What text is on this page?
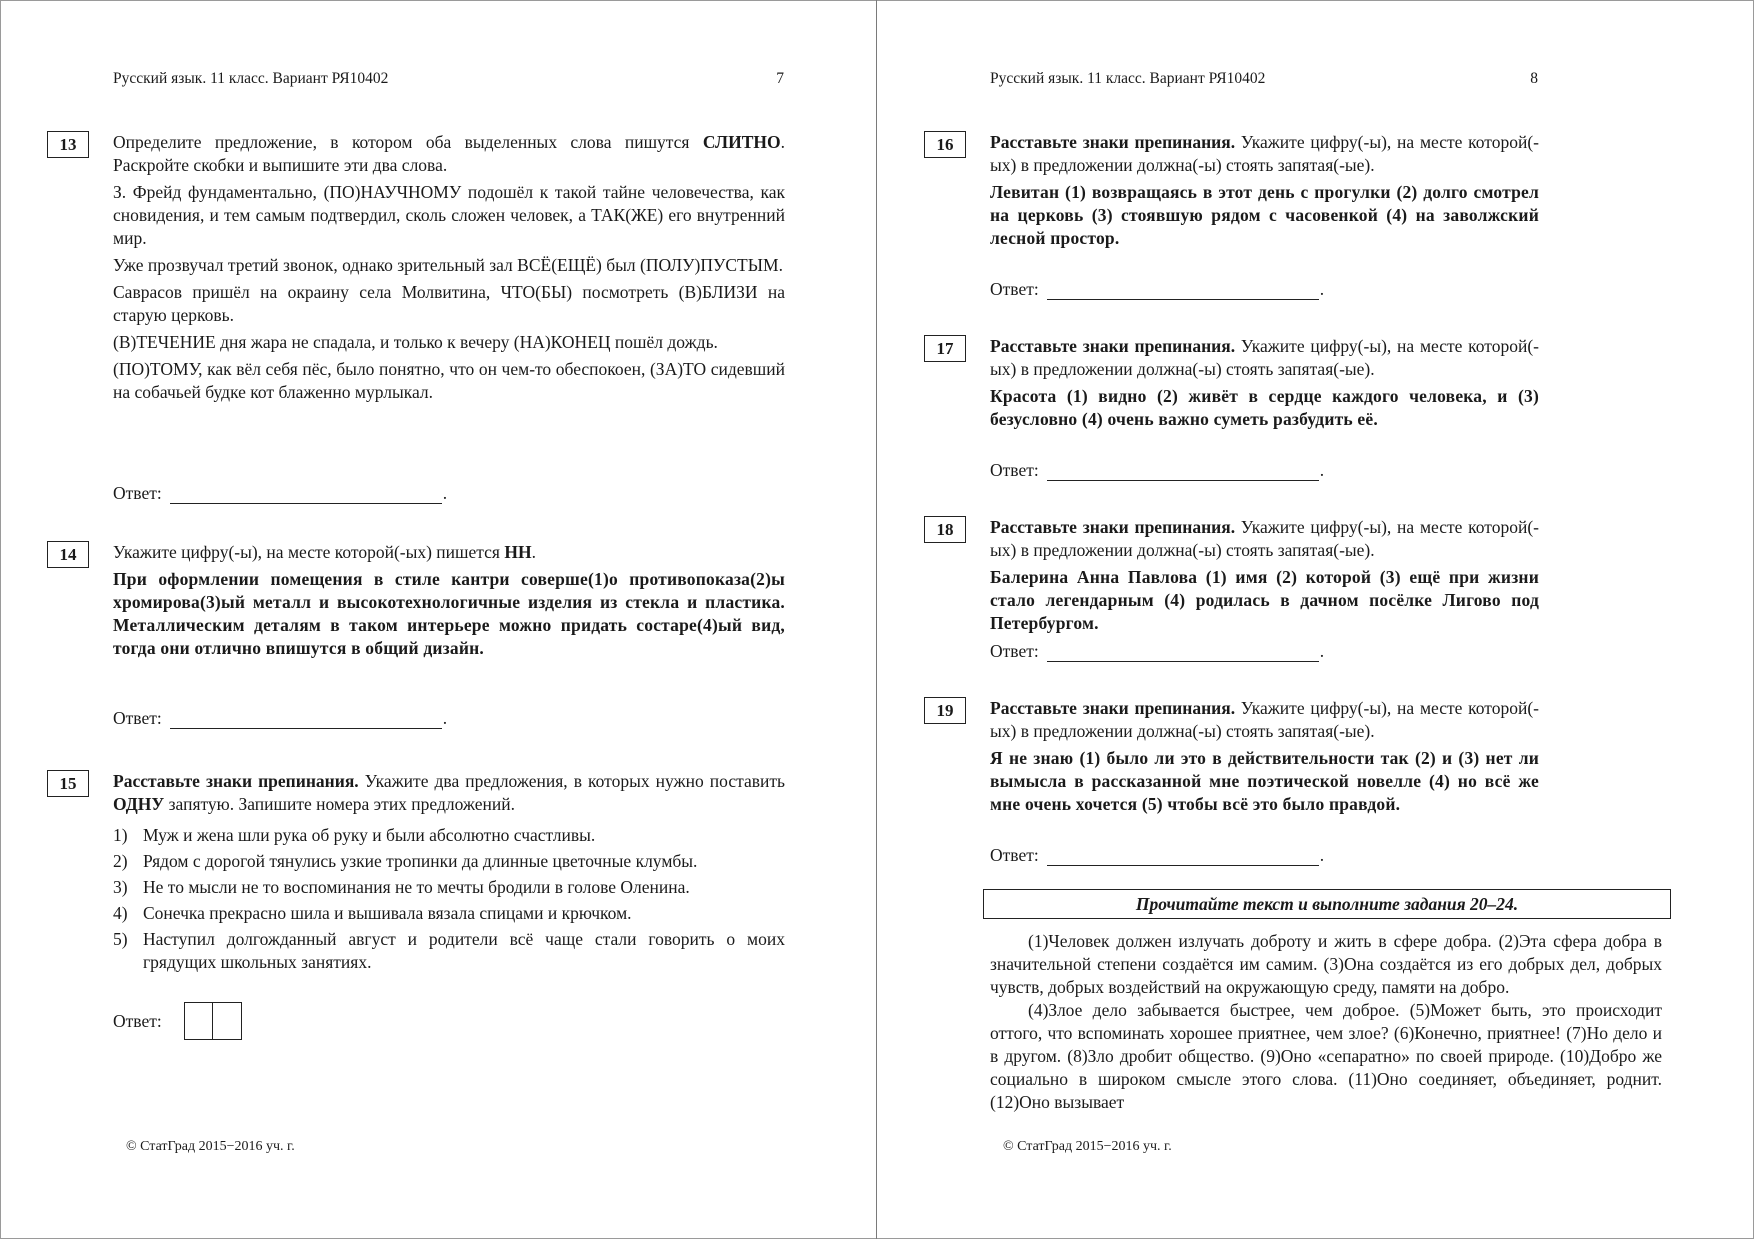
Русский язык. 11 класс. Вариант РЯ10402	7
13	Определите предложение, в котором оба выделенных слова пишутся СЛИТНО. Раскройте скобки и выпишите эти два слова.

З. Фрейд фундаментально, (ПО)НАУЧНОМУ подошёл к такой тайне человечества, как сновидения, и тем самым подтвердил, сколь сложен человек, а ТАК(ЖЕ) его внутренний мир.

Уже прозвучал третий звонок, однако зрительный зал ВСЁ(ЕЩЁ) был (ПОЛУ)ПУСТЫМ.

Саврасов пришёл на окраину села Молвитина, ЧТО(БЫ) посмотреть (В)БЛИЗИ на старую церковь.

(В)ТЕЧЕНИЕ дня жара не спадала, и только к вечеру (НА)КОНЕЦ пошёл дождь.

(ПО)ТОМУ, как вёл себя пёс, было понятно, что он чем-то обеспокоен, (ЗА)ТО сидевший на собачьей будке кот блаженно мурлыкал.

Ответ:	.
14	Укажите цифру(-ы), на месте которой(-ых) пишется НН.

При оформлении помещения в стиле кантри соверше(1)о противопоказа(2)ы хромирова(3)ый металл и высокотехнологичные изделия из стекла и пластика. Металлическим деталям в таком интерьере можно придать состаре(4)ый вид, тогда они отлично впишутся в общий дизайн.

Ответ:	.
15	Расставьте знаки препинания. Укажите два предложения, в которых нужно поставить ОДНУ запятую. Запишите номера этих предложений.

1) Муж и жена шли рука об руку и были абсолютно счастливы.
2) Рядом с дорогой тянулись узкие тропинки да длинные цветочные клумбы.
3) Не то мысли не то воспоминания не то мечты бродили в голове Оленина.
4) Сонечка прекрасно шила и вышивала вязала спицами и крючком.
5) Наступил долгожданный август и родители всё чаще стали говорить о моих грядущих школьных занятиях.
Ответ:
© СтатГрад 2015−2016 уч. г.
Русский язык. 11 класс. Вариант РЯ10402	8
16	Расставьте знаки препинания. Укажите цифру(-ы), на месте которой(-ых) в предложении должна(-ы) стоять запятая(-ые).

Левитан (1) возвращаясь в этот день с прогулки (2) долго смотрел на церковь (3) стоявшую рядом с часовенкой (4) на заволжский лесной простор.

Ответ:	.
17	Расставьте знаки препинания. Укажите цифру(-ы), на месте которой(-ых) в предложении должна(-ы) стоять запятая(-ые).

Красота (1) видно (2) живёт в сердце каждого человека, и (3) безусловно (4) очень важно суметь разбудить её.

Ответ:	.
18	Расставьте знаки препинания. Укажите цифру(-ы), на месте которой(-ых) в предложении должна(-ы) стоять запятая(-ые).

Балерина Анна Павлова (1) имя (2) которой (3) ещё при жизни стало легендарным (4) родилась в дачном посёлке Лигово под Петербургом.

Ответ:	.
19	Расставьте знаки препинания. Укажите цифру(-ы), на месте которой(-ых) в предложении должна(-ы) стоять запятая(-ые).

Я не знаю (1) было ли это в действительности так (2) и (3) нет ли вымысла в рассказанной мне поэтической новелле (4) но всё же мне очень хочется (5) чтобы всё это было правдой.

Ответ:	.
© СтатГрад 2015−2016 уч. г.
Прочитайте текст и выполните задания 20–24.

(1)Человек должен излучать доброту и жить в сфере добра. (2)Эта сфера добра в значительной степени создаётся им самим. (3)Она создаётся из его добрых дел, добрых чувств, добрых воздействий на окружающую среду, памяти на добро.

(4)Злое дело забывается быстрее, чем доброе. (5)Может быть, это происходит оттого, что вспоминать хорошее приятнее, чем злое? (6)Конечно, приятнее! (7)Но дело и в другом. (8)Зло дробит общество. (9)Оно «сепаратно» по своей природе. (10)Добро же социально в широком смысле этого слова. (11)Оно соединяет, объединяет, роднит. (12)Оно вызывает
